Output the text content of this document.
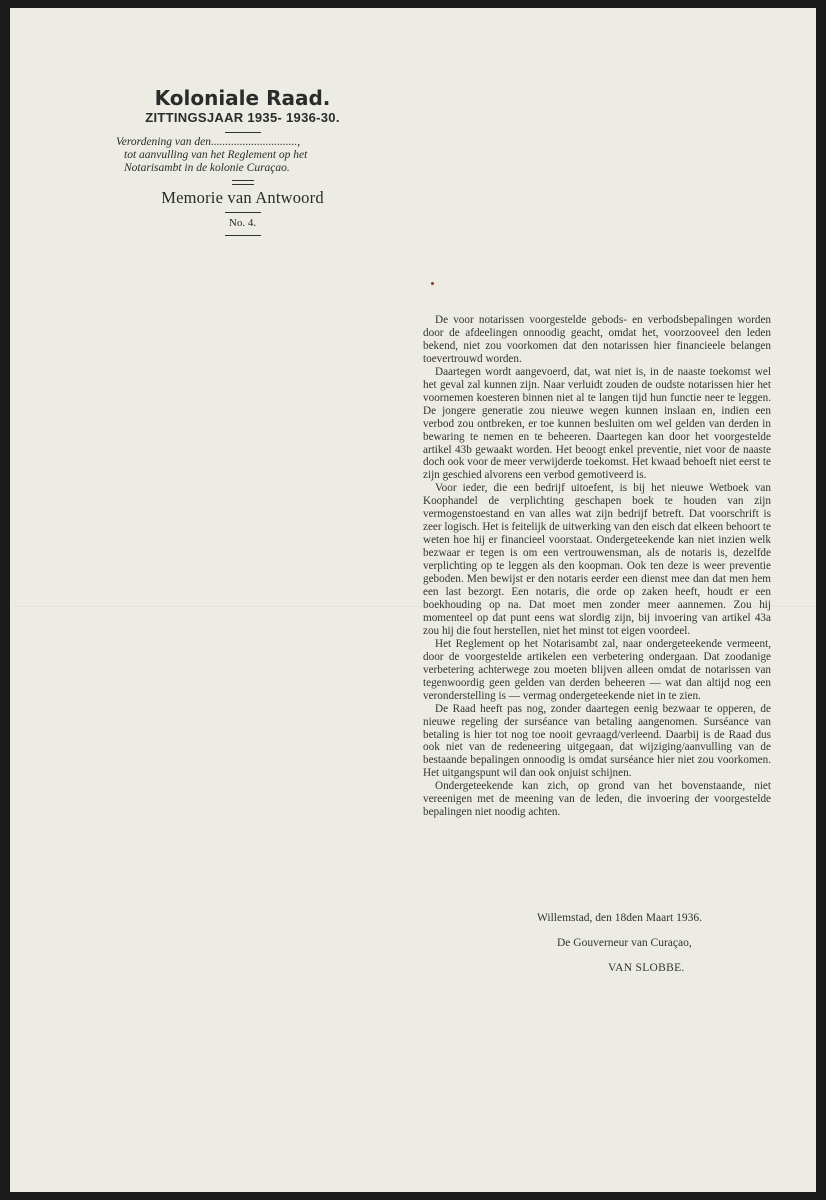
Koloniale Raad.

ZITTINGSJAAR 1935- 1936-30.

Verordening van den..............................,
tot aanvulling van het Reglement op het
Notarisambt in de kolonie Curaçao.

Memorie van Antwoord

No. 4.

De voor notarissen voorgestelde gebods- en verbodsbepalingen worden door de afdeelingen onnoodig geacht, omdat het, voorzooveel den leden bekend, niet zou voorkomen dat den notarissen hier financieele belangen toevertrouwd worden.

Daartegen wordt aangevoerd, dat, wat niet is, in de naaste toekomst wel het geval zal kunnen zijn. Naar verluidt zouden de oudste notarissen hier het voornemen koesteren binnen niet al te langen tijd hun functie neer te leggen. De jongere generatie zou nieuwe wegen kunnen inslaan en, indien een verbod zou ontbreken, er toe kunnen besluiten om wel gelden van derden in bewaring te nemen en te beheeren. Daartegen kan door het voorgestelde artikel 43b gewaakt worden. Het beoogt enkel preventie, niet voor de naaste doch ook voor de meer verwijderde toekomst. Het kwaad behoeft niet eerst te zijn geschied alvorens een verbod gemotiveerd is.

Voor ieder, die een bedrijf uitoefent, is bij het nieuwe Wetboek van Koophandel de verplichting geschapen boek te houden van zijn vermogenstoestand en van alles wat zijn bedrijf betreft. Dat voorschrift is zeer logisch. Het is feitelijk de uitwerking van den eisch dat elkeen behoort te weten hoe hij er financieel voorstaat. Ondergeteekende kan niet inzien welk bezwaar er tegen is om een vertrouwensman, als de notaris is, dezelfde verplichting op te leggen als den koopman. Ook ten deze is weer preventie geboden. Men bewijst er den notaris eerder een dienst mee dan dat men hem een last bezorgt. Een notaris, die orde op zaken heeft, houdt er een boekhouding op na. Dat moet men zonder meer aannemen. Zou hij momenteel op dat punt eens wat slordig zijn, bij invoering van artikel 43a zou hij die fout herstellen, niet het minst tot eigen voordeel.

Het Reglement op het Notarisambt zal, naar ondergeteekende vermeent, door de voorgestelde artikelen een verbetering ondergaan. Dat zoodanige verbetering achterwege zou moeten blijven alleen omdat de notarissen van tegenwoordig geen gelden van derden beheeren — wat dan altijd nog een veronderstelling is — vermag ondergeteekende niet in te zien.

De Raad heeft pas nog, zonder daartegen eenig bezwaar te opperen, de nieuwe regeling der surséance van betaling aangenomen. Surséance van betaling is hier tot nog toe nooit gevraagd/verleend. Daarbij is de Raad dus ook niet van de redeneering uitgegaan, dat wijziging/aanvulling van de bestaande bepalingen onnoodig is omdat surséance hier niet zou voorkomen. Het uitgangspunt wil dan ook onjuist schijnen.

Ondergeteekende kan zich, op grond van het bovenstaande, niet vereenigen met de meening van de leden, die invoering der voorgestelde bepalingen niet noodig achten.

Willemstad, den 18den Maart 1936.
De Gouverneur van Curaçao,
VAN SLOBBE.
